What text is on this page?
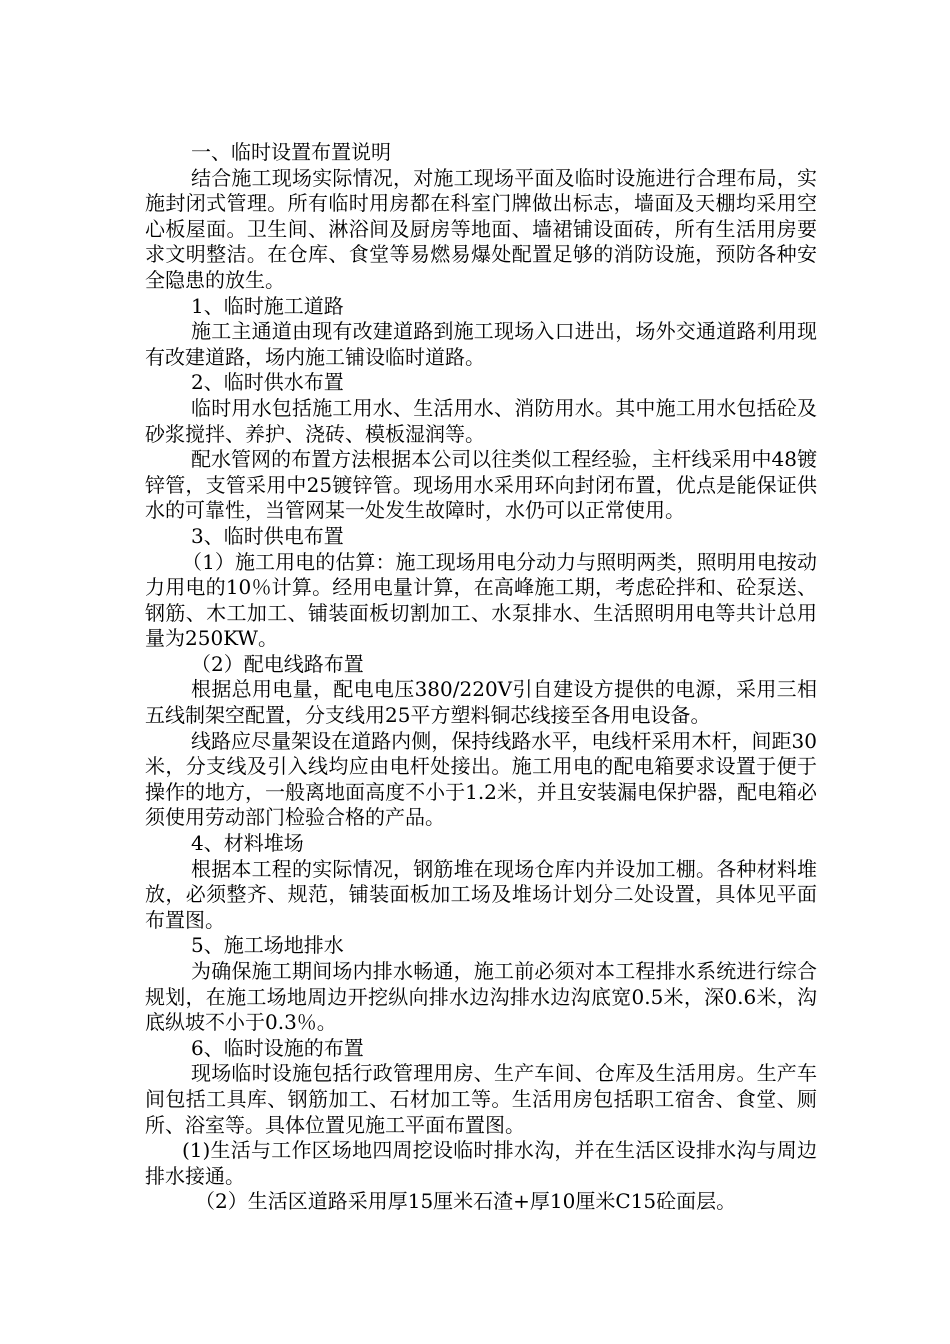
一、临时设置布置说明

结合施工现场实际情况，对施工现场平面及临时设施进行合理布局，实施封闭式管理。所有临时用房都在科室门牌做出标志，墙面及天棚均采用空心板屋面。卫生间、淋浴间及厨房等地面、墙裙铺设面砖，所有生活用房要求文明整洁。在仓库、食堂等易燃易爆处配置足够的消防设施，预防各种安全隐患的放生。

1、临时施工道路

施工主通道由现有改建道路到施工现场入口进出，场外交通道路利用现有改建道路，场内施工铺设临时道路。

2、临时供水布置

临时用水包括施工用水、生活用水、消防用水。其中施工用水包括砼及砂浆搅拌、养护、浇砖、模板湿润等。

配水管网的布置方法根据本公司以往类似工程经验，主杆线采用中48镀锌管，支管采用中25镀锌管。现场用水采用环向封闭布置，优点是能保证供水的可靠性，当管网某一处发生故障时，水仍可以正常使用。

3、临时供电布置

（1）施工用电的估算：施工现场用电分动力与照明两类，照明用电按动力用电的10％计算。经用电量计算，在高峰施工期，考虑砼拌和、砼泵送、钢筋、木工加工、铺装面板切割加工、水泵排水、生活照明用电等共计总用量为250KW。

（2）配电线路布置

根据总用电量，配电电压380/220V引自建设方提供的电源，采用三相五线制架空配置，分支线用25平方塑料铜芯线接至各用电设备。

线路应尽量架设在道路内侧，保持线路水平，电线杆采用木杆，间距30米，分支线及引入线均应由电杆处接出。施工用电的配电箱要求设置于便于操作的地方，一般离地面高度不小于1.2米，并且安装漏电保护器，配电箱必须使用劳动部门检验合格的产品。

4、材料堆场

根据本工程的实际情况，钢筋堆在现场仓库内并设加工棚。各种材料堆放，必须整齐、规范，铺装面板加工场及堆场计划分二处设置，具体见平面布置图。

5、施工场地排水

为确保施工期间场内排水畅通，施工前必须对本工程排水系统进行综合规划，在施工场地周边开挖纵向排水边沟排水边沟底宽0.5米，深0.6米，沟底纵坡不小于0.3％。

6、临时设施的布置

现场临时设施包括行政管理用房、生产车间、仓库及生活用房。生产车间包括工具库、钢筋加工、石材加工等。生活用房包括职工宿舍、食堂、厕所、浴室等。具体位置见施工平面布置图。

(1)生活与工作区场地四周挖设临时排水沟，并在生活区设排水沟与周边排水接通。

（2）生活区道路采用厚15厘米石渣+厚10厘米C15砼面层。
